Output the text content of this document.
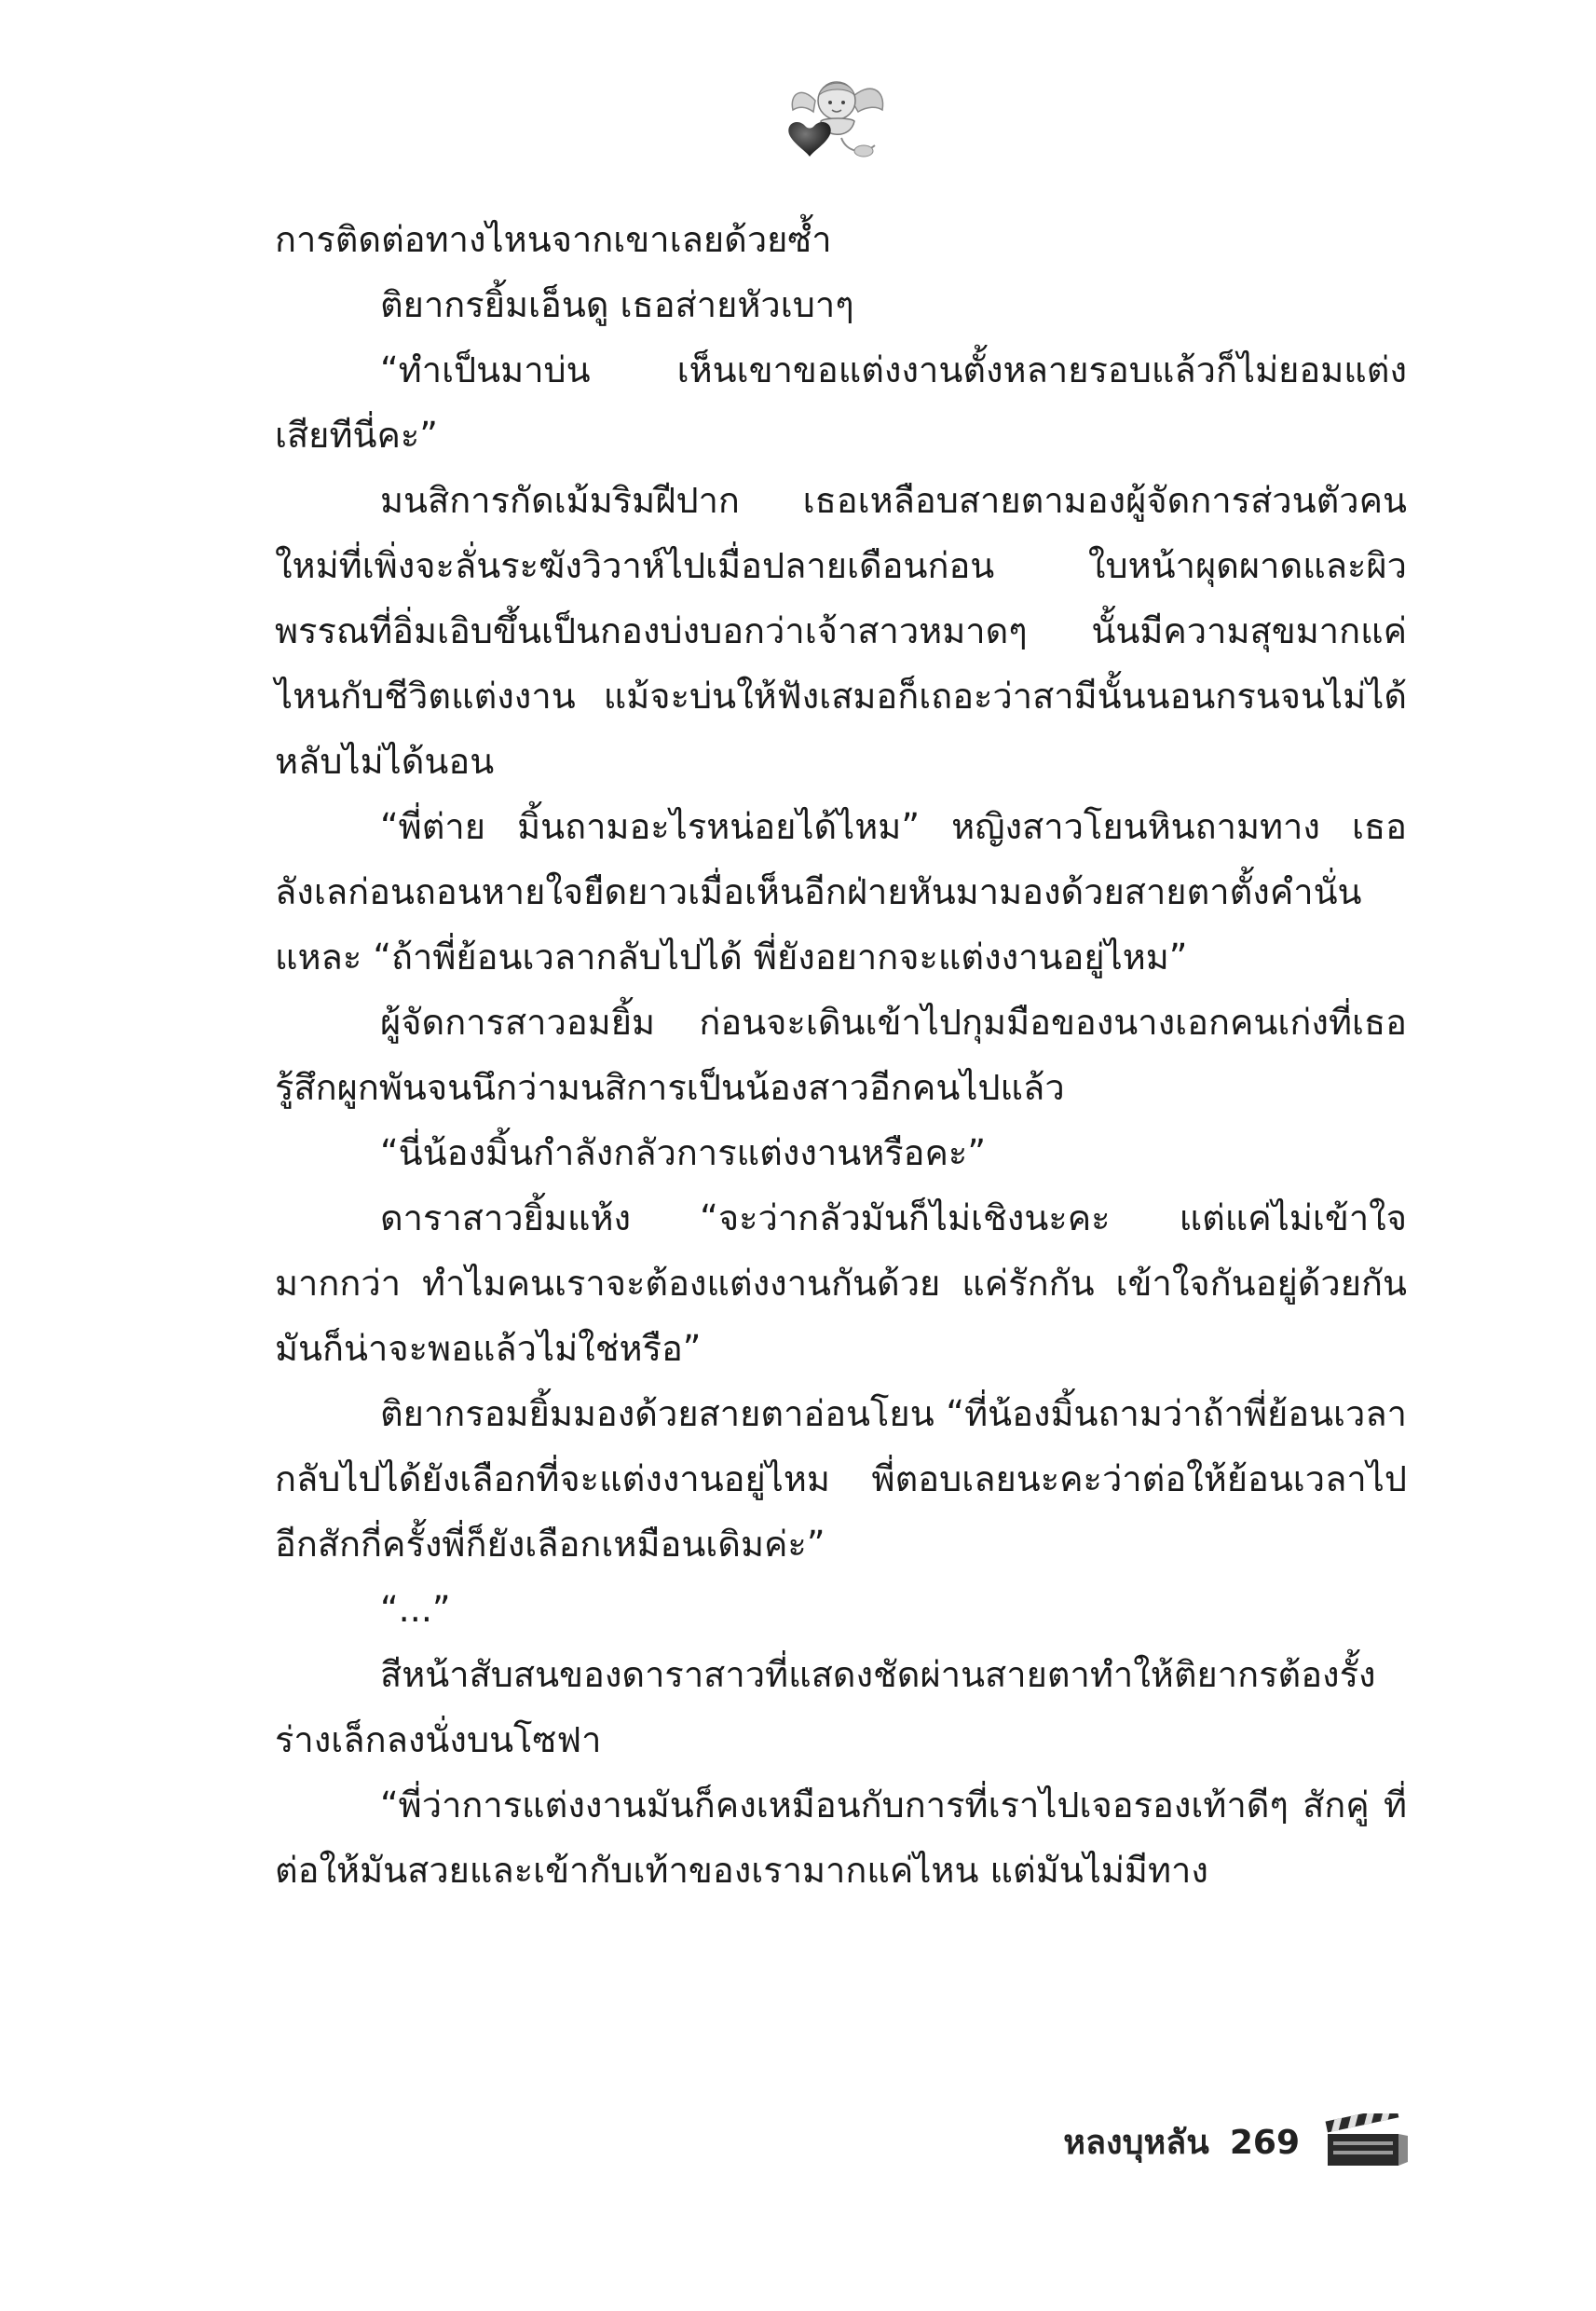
การติดต่อทางไหนจากเขาเลยด้วยซ้ำ

ติยากรยิ้มเอ็นดู เธอส่ายหัวเบาๆ

“ทำเป็นมาบ่น เห็นเขาขอแต่งงานตั้งหลายรอบแล้วก็ไม่ยอมแต่งเสียทีนี่คะ”

มนสิการกัดเม้มริมฝีปาก เธอเหลือบสายตามองผู้จัดการส่วนตัวคนใหม่ที่เพิ่งจะลั่นระฆังวิวาห์ไปเมื่อปลายเดือนก่อน ใบหน้าผุดผาดและผิวพรรณที่อิ่มเอิบขึ้นเป็นกองบ่งบอกว่าเจ้าสาวหมาดๆ นั้นมีความสุขมากแค่ไหนกับชีวิตแต่งงาน แม้จะบ่นให้ฟังเสมอก็เถอะว่าสามีนั้นนอนกรนจนไม่ได้หลับไม่ได้นอน

“พี่ต่าย มิ้นถามอะไรหน่อยได้ไหม” หญิงสาวโยนหินถามทาง เธอลังเลก่อนถอนหายใจยืดยาวเมื่อเห็นอีกฝ่ายหันมามองด้วยสายตาตั้งคำนั่นแหละ “ถ้าพี่ย้อนเวลากลับไปได้ พี่ยังอยากจะแต่งงานอยู่ไหม”

ผู้จัดการสาวอมยิ้ม ก่อนจะเดินเข้าไปกุมมือของนางเอกคนเก่งที่เธอรู้สึกผูกพันจนนึกว่ามนสิการเป็นน้องสาวอีกคนไปแล้ว

“นี่น้องมิ้นกำลังกลัวการแต่งงานหรือคะ”

ดาราสาวยิ้มแห้ง “จะว่ากลัวมันก็ไม่เชิงนะคะ แต่แค่ไม่เข้าใจมากกว่า ทำไมคนเราจะต้องแต่งงานกันด้วย แค่รักกัน เข้าใจกันอยู่ด้วยกัน มันก็น่าจะพอแล้วไม่ใช่หรือ”

ติยากรอมยิ้มมองด้วยสายตาอ่อนโยน “ที่น้องมิ้นถามว่าถ้าพี่ย้อนเวลากลับไปได้ยังเลือกที่จะแต่งงานอยู่ไหม พี่ตอบเลยนะคะว่าต่อให้ย้อนเวลาไปอีกสักกี่ครั้งพี่ก็ยังเลือกเหมือนเดิมค่ะ”

“...”

สีหน้าสับสนของดาราสาวที่แสดงชัดผ่านสายตาทำให้ติยากรต้องรั้งร่างเล็กลงนั่งบนโซฟา

“พี่ว่าการแต่งงานมันก็คงเหมือนกับการที่เราไปเจอรองเท้าดีๆ สักคู่ ที่ต่อให้มันสวยและเข้ากับเท้าของเรามากแค่ไหน แต่มันไม่มีทาง

หลงบุหลัน 269
